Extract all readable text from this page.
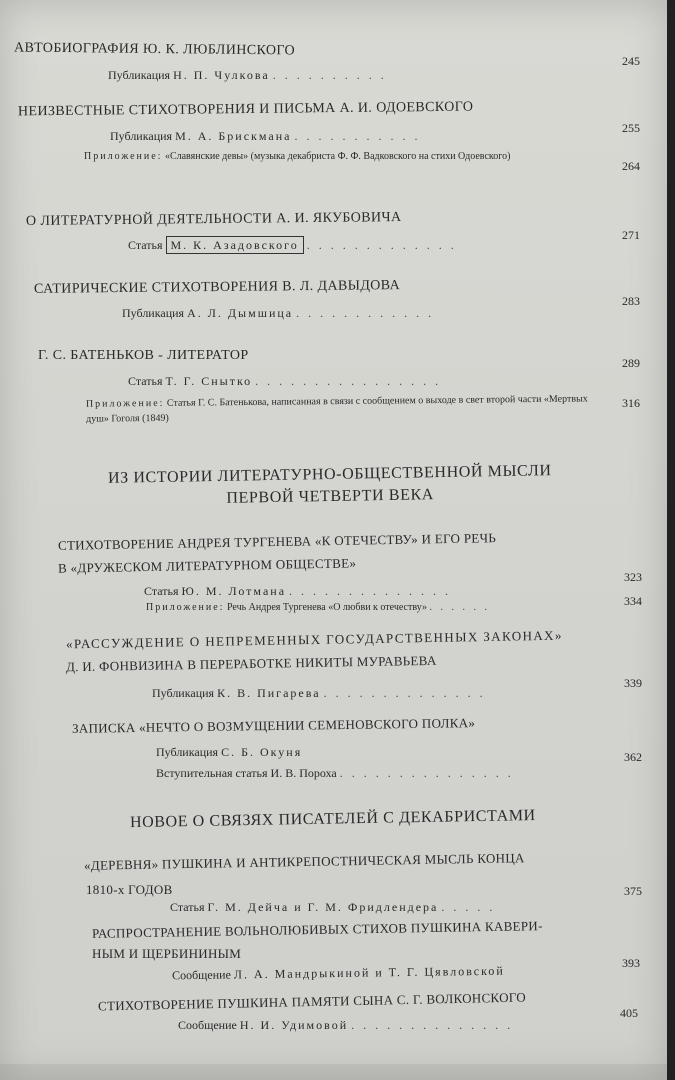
АВТОБИОГРАФИЯ Ю. К. ЛЮБЛИНСКОГО
Публикация Н. П. Чулкова . . . . . . . . . .
245
НЕИЗВЕСТНЫЕ СТИХОТВОРЕНИЯ И ПИСЬМА А. И. ОДОЕВСКОГО
Публикация М. А. Брискмана . . . . . . . . . . .
255
Приложение: «Славянские девы» (музыка декабриста Ф. Ф. Вадковского на стихи Одоевского)
264
О ЛИТЕРАТУРНОЙ ДЕЯТЕЛЬНОСТИ А. И. ЯКУБОВИЧА
Статья М. К. Азадовского . . . . . . . . . . . . .
271
САТИРИЧЕСКИЕ СТИХОТВОРЕНИЯ В. Л. ДАВЫДОВА
Публикация А. Л. Дымшица . . . . . . . . . . . .
283
Г. С. БАТЕНЬКОВ - ЛИТЕРАТОР
Статья Т. Г. Снытко . . . . . . . . . . . . . . . .
289
Приложение: Статья Г. С. Батенькова, написанная в связи с сообщением о выходе в свет второй части «Мертвых душ» Гоголя (1849)
316
ИЗ ИСТОРИИ ЛИТЕРАТУРНО-ОБЩЕСТВЕННОЙ МЫСЛИ
ПЕРВОЙ ЧЕТВЕРТИ ВЕКА
СТИХОТВОРЕНИЕ АНДРЕЯ ТУРГЕНЕВА «К ОТЕЧЕСТВУ» И ЕГО РЕЧЬ
В «ДРУЖЕСКОМ ЛИТЕРАТУРНОМ ОБЩЕСТВЕ»
Статья Ю. М. Лотмана . . . . . . . . . . . . . .
323
Приложение: Речь Андрея Тургенева «О любви к отечеству» . . . . . .	334
«РАССУЖДЕНИЕ О НЕПРЕМЕННЫХ ГОСУДАРСТВЕННЫХ ЗАКОНАХ»
Д. И. ФОНВИЗИНА В ПЕРЕРАБОТКЕ НИКИТЫ МУРАВЬЕВА
Публикация К. В. Пигарева . . . . . . . . . . . . . .
339
ЗАПИСКА «НЕЧТО О ВОЗМУЩЕНИИ СЕМЕНОВСКОГО ПОЛКА»
Публикация С. Б. Окуня
Вступительная статья И. В. Пороха . . . . . . . . . . . . . . .
362
НОВОЕ О СВЯЗЯХ ПИСАТЕЛЕЙ С ДЕКАБРИСТАМИ
«ДЕРЕВНЯ» ПУШКИНА И АНТИКРЕПОСТНИЧЕСКАЯ МЫСЛЬ КОНЦА
1810-х ГОДОВ
Статья Г. М. Дейча и Г. М. Фридлендера . . . . .
375
РАСПРОСТРАНЕНИЕ ВОЛЬНОЛЮБИВЫХ СТИХОВ ПУШКИНА КАВЕРИ-
НЫМ И ЩЕРБИНИНЫМ
Сообщение Л. А. Мандрыкиной и Т. Г. Цявловской
393
СТИХОТВОРЕНИЕ ПУШКИНА ПАМЯТИ СЫНА С. Г. ВОЛКОНСКОГО
Сообщение Н. И. Удимовой . . . . . . . . . . . . . .
405
